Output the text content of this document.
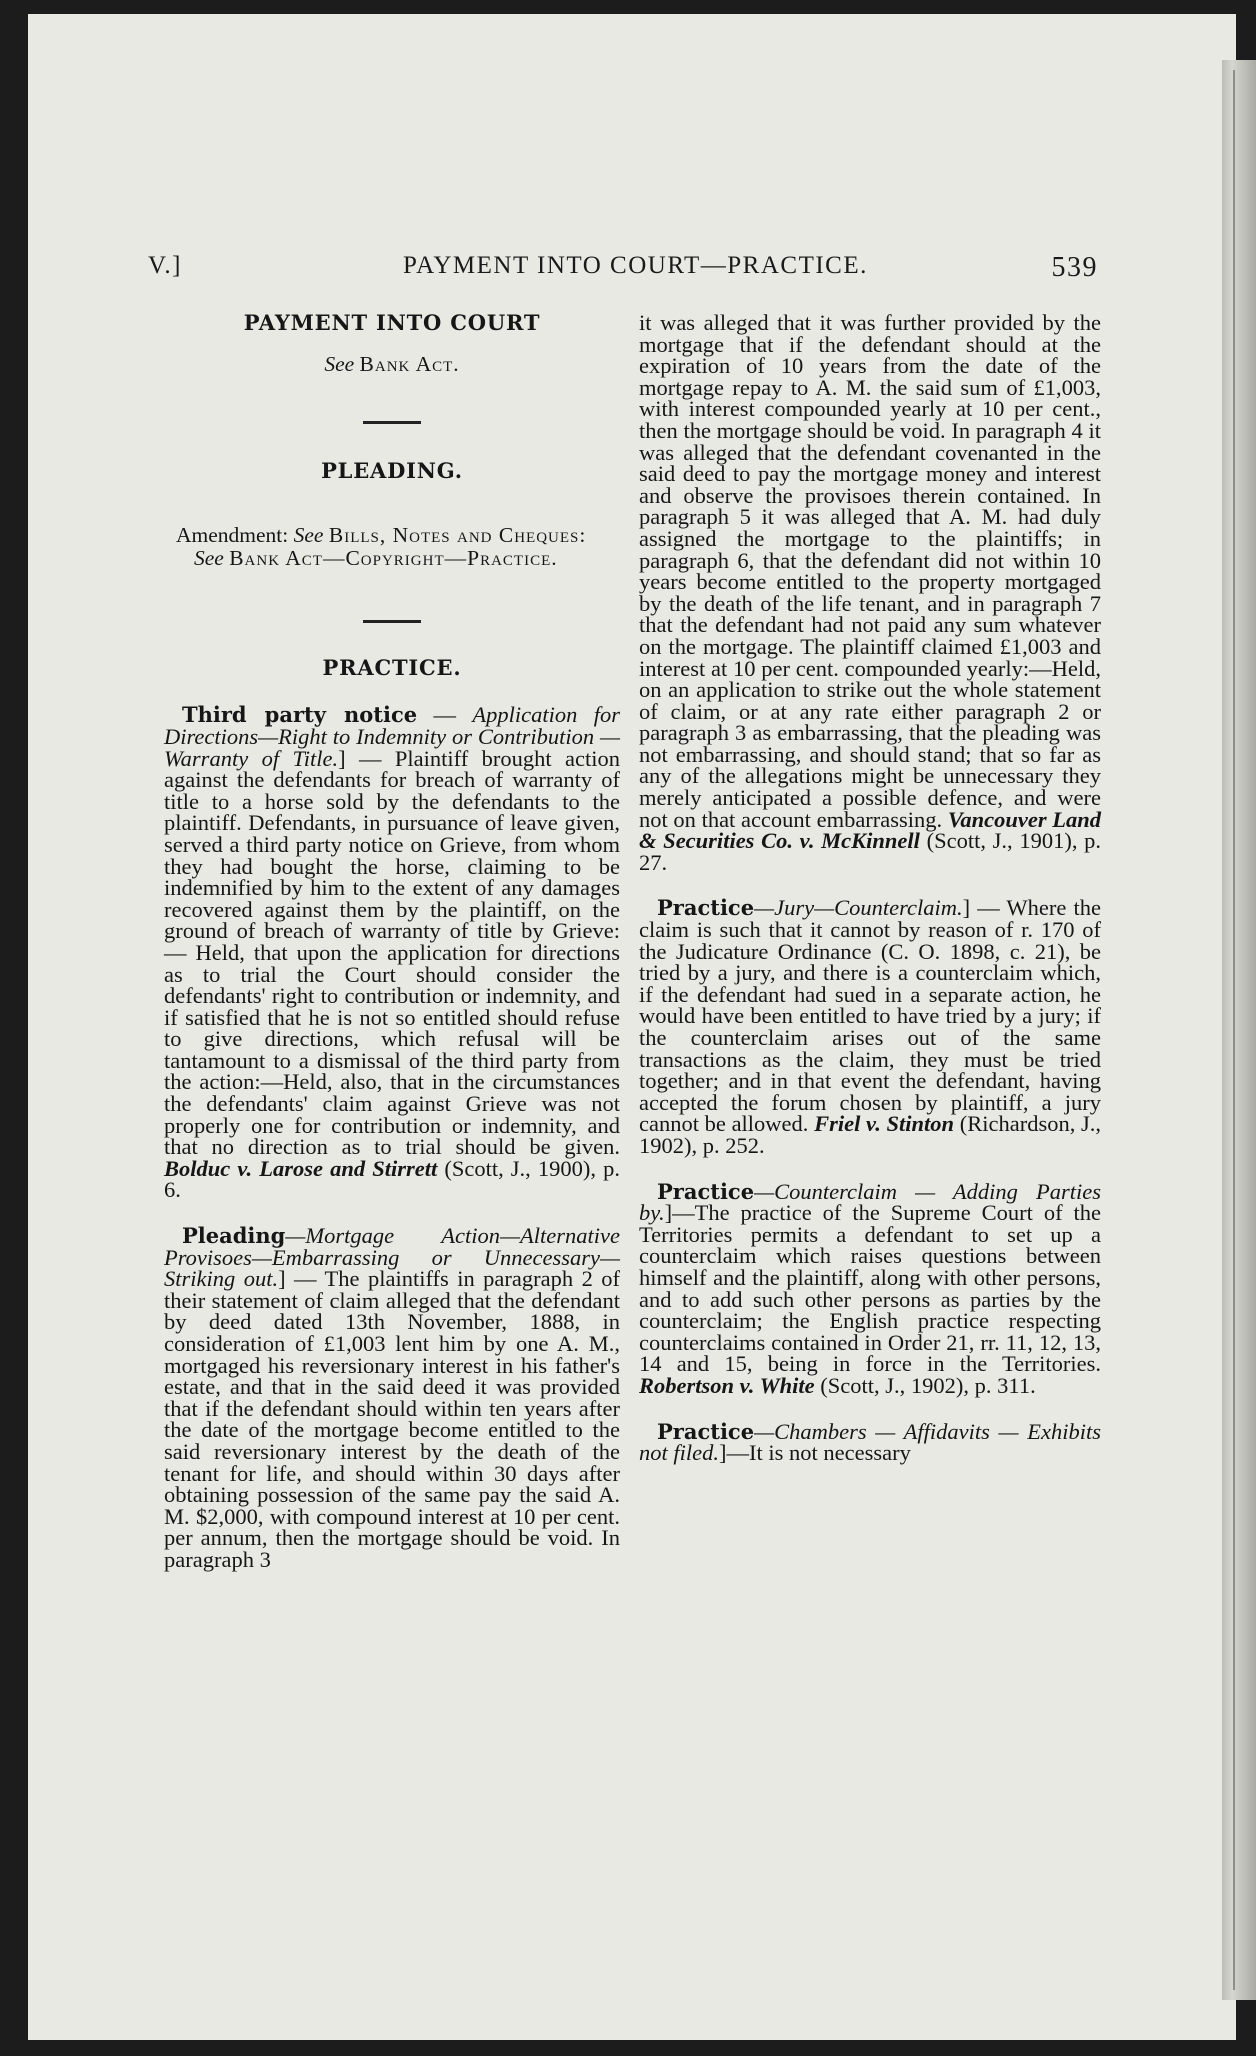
V.]	PAYMENT INTO COURT—PRACTICE.	539
PAYMENT INTO COURT
See Bank Act.
PLEADING.
Amendment: See Bills, Notes and Cheques: See Bank Act—Copyright—Practice.
PRACTICE.

Third party notice — Application for Directions—Right to Indemnity or Contribution — Warranty of Title.] — Plaintiff brought action against the defendants for breach of warranty of title to a horse sold by the defendants to the plaintiff. Defendants, in pursuance of leave given, served a third party notice on Grieve, from whom they had bought the horse, claiming to be indemnified by him to the extent of any damages recovered against them by the plaintiff, on the ground of breach of warranty of title by Grieve: — Held, that upon the application for directions as to trial the Court should consider the defendants' right to contribution or indemnity, and if satisfied that he is not so entitled should refuse to give directions, which refusal will be tantamount to a dismissal of the third party from the action:—Held, also, that in the circumstances the defendants' claim against Grieve was not properly one for contribution or indemnity, and that no direction as to trial should be given. Bolduc v. Larose and Stirrett (Scott, J., 1900), p. 6.

Pleading—Mortgage Action—Alternative Provisoes—Embarrassing or Unnecessary—Striking out.] — The plaintiffs in paragraph 2 of their statement of claim alleged that the defendant by deed dated 13th November, 1888, in consideration of £1,003 lent him by one A. M., mortgaged his reversionary interest in his father's estate, and that in the said deed it was provided that if the defendant should within ten years after the date of the mortgage become entitled to the said reversionary interest by the death of the tenant for life, and should within 30 days after obtaining possession of the same pay the said A. M. $2,000, with compound interest at 10 per cent. per annum, then the mortgage should be void. In paragraph 3

it was alleged that it was further provided by the mortgage that if the defendant should at the expiration of 10 years from the date of the mortgage repay to A. M. the said sum of £1,003, with interest compounded yearly at 10 per cent., then the mortgage should be void. In paragraph 4 it was alleged that the defendant covenanted in the said deed to pay the mortgage money and interest and observe the provisoes therein contained. In paragraph 5 it was alleged that A. M. had duly assigned the mortgage to the plaintiffs; in paragraph 6, that the defendant did not within 10 years become entitled to the property mortgaged by the death of the life tenant, and in paragraph 7 that the defendant had not paid any sum whatever on the mortgage. The plaintiff claimed £1,003 and interest at 10 per cent. compounded yearly:—Held, on an application to strike out the whole statement of claim, or at any rate either paragraph 2 or paragraph 3 as embarrassing, that the pleading was not embarrassing, and should stand; that so far as any of the allegations might be unnecessary they merely anticipated a possible defence, and were not on that account embarrassing. Vancouver Land & Securities Co. v. McKinnell (Scott, J., 1901), p. 27.

Practice—Jury—Counterclaim.] — Where the claim is such that it cannot by reason of r. 170 of the Judicature Ordinance (C. O. 1898, c. 21), be tried by a jury, and there is a counterclaim which, if the defendant had sued in a separate action, he would have been entitled to have tried by a jury; if the counterclaim arises out of the same transactions as the claim, they must be tried together; and in that event the defendant, having accepted the forum chosen by plaintiff, a jury cannot be allowed. Friel v. Stinton (Richardson, J., 1902), p. 252.

Practice—Counterclaim — Adding Parties by.]—The practice of the Supreme Court of the Territories permits a defendant to set up a counterclaim which raises questions between himself and the plaintiff, along with other persons, and to add such other persons as parties by the counterclaim; the English practice respecting counterclaims contained in Order 21, rr. 11, 12, 13, 14 and 15, being in force in the Territories. Robertson v. White (Scott, J., 1902), p. 311.

Practice—Chambers — Affidavits — Exhibits not filed.]—It is not necessary
